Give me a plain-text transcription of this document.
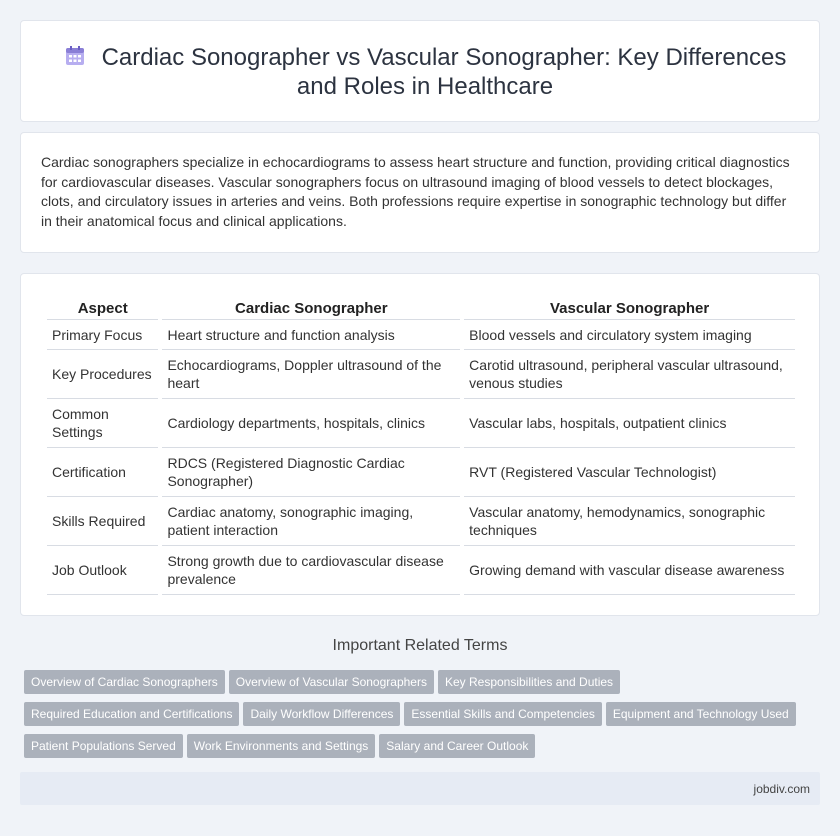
Cardiac Sonographer vs Vascular Sonographer: Key Differences and Roles in Healthcare

Cardiac sonographers specialize in echocardiograms to assess heart structure and function, providing critical diagnostics for cardiovascular diseases. Vascular sonographers focus on ultrasound imaging of blood vessels to detect blockages, clots, and circulatory issues in arteries and veins. Both professions require expertise in sonographic technology but differ in their anatomical focus and clinical applications.

Aspect	Cardiac Sonographer	Vascular Sonographer
Primary Focus	Heart structure and function analysis	Blood vessels and circulatory system imaging
Key Procedures	Echocardiograms, Doppler ultrasound of the heart	Carotid ultrasound, peripheral vascular ultrasound, venous studies
Common Settings	Cardiology departments, hospitals, clinics	Vascular labs, hospitals, outpatient clinics
Certification	RDCS (Registered Diagnostic Cardiac Sonographer)	RVT (Registered Vascular Technologist)
Skills Required	Cardiac anatomy, sonographic imaging, patient interaction	Vascular anatomy, hemodynamics, sonographic techniques
Job Outlook	Strong growth due to cardiovascular disease prevalence	Growing demand with vascular disease awareness
Important Related Terms
Overview of Cardiac Sonographers Overview of Vascular Sonographers Key Responsibilities and Duties
Required Education and Certifications Daily Workflow Differences Essential Skills and Competencies Equipment and Technology Used
Patient Populations Served Work Environments and Settings Salary and Career Outlook
jobdiv.com
